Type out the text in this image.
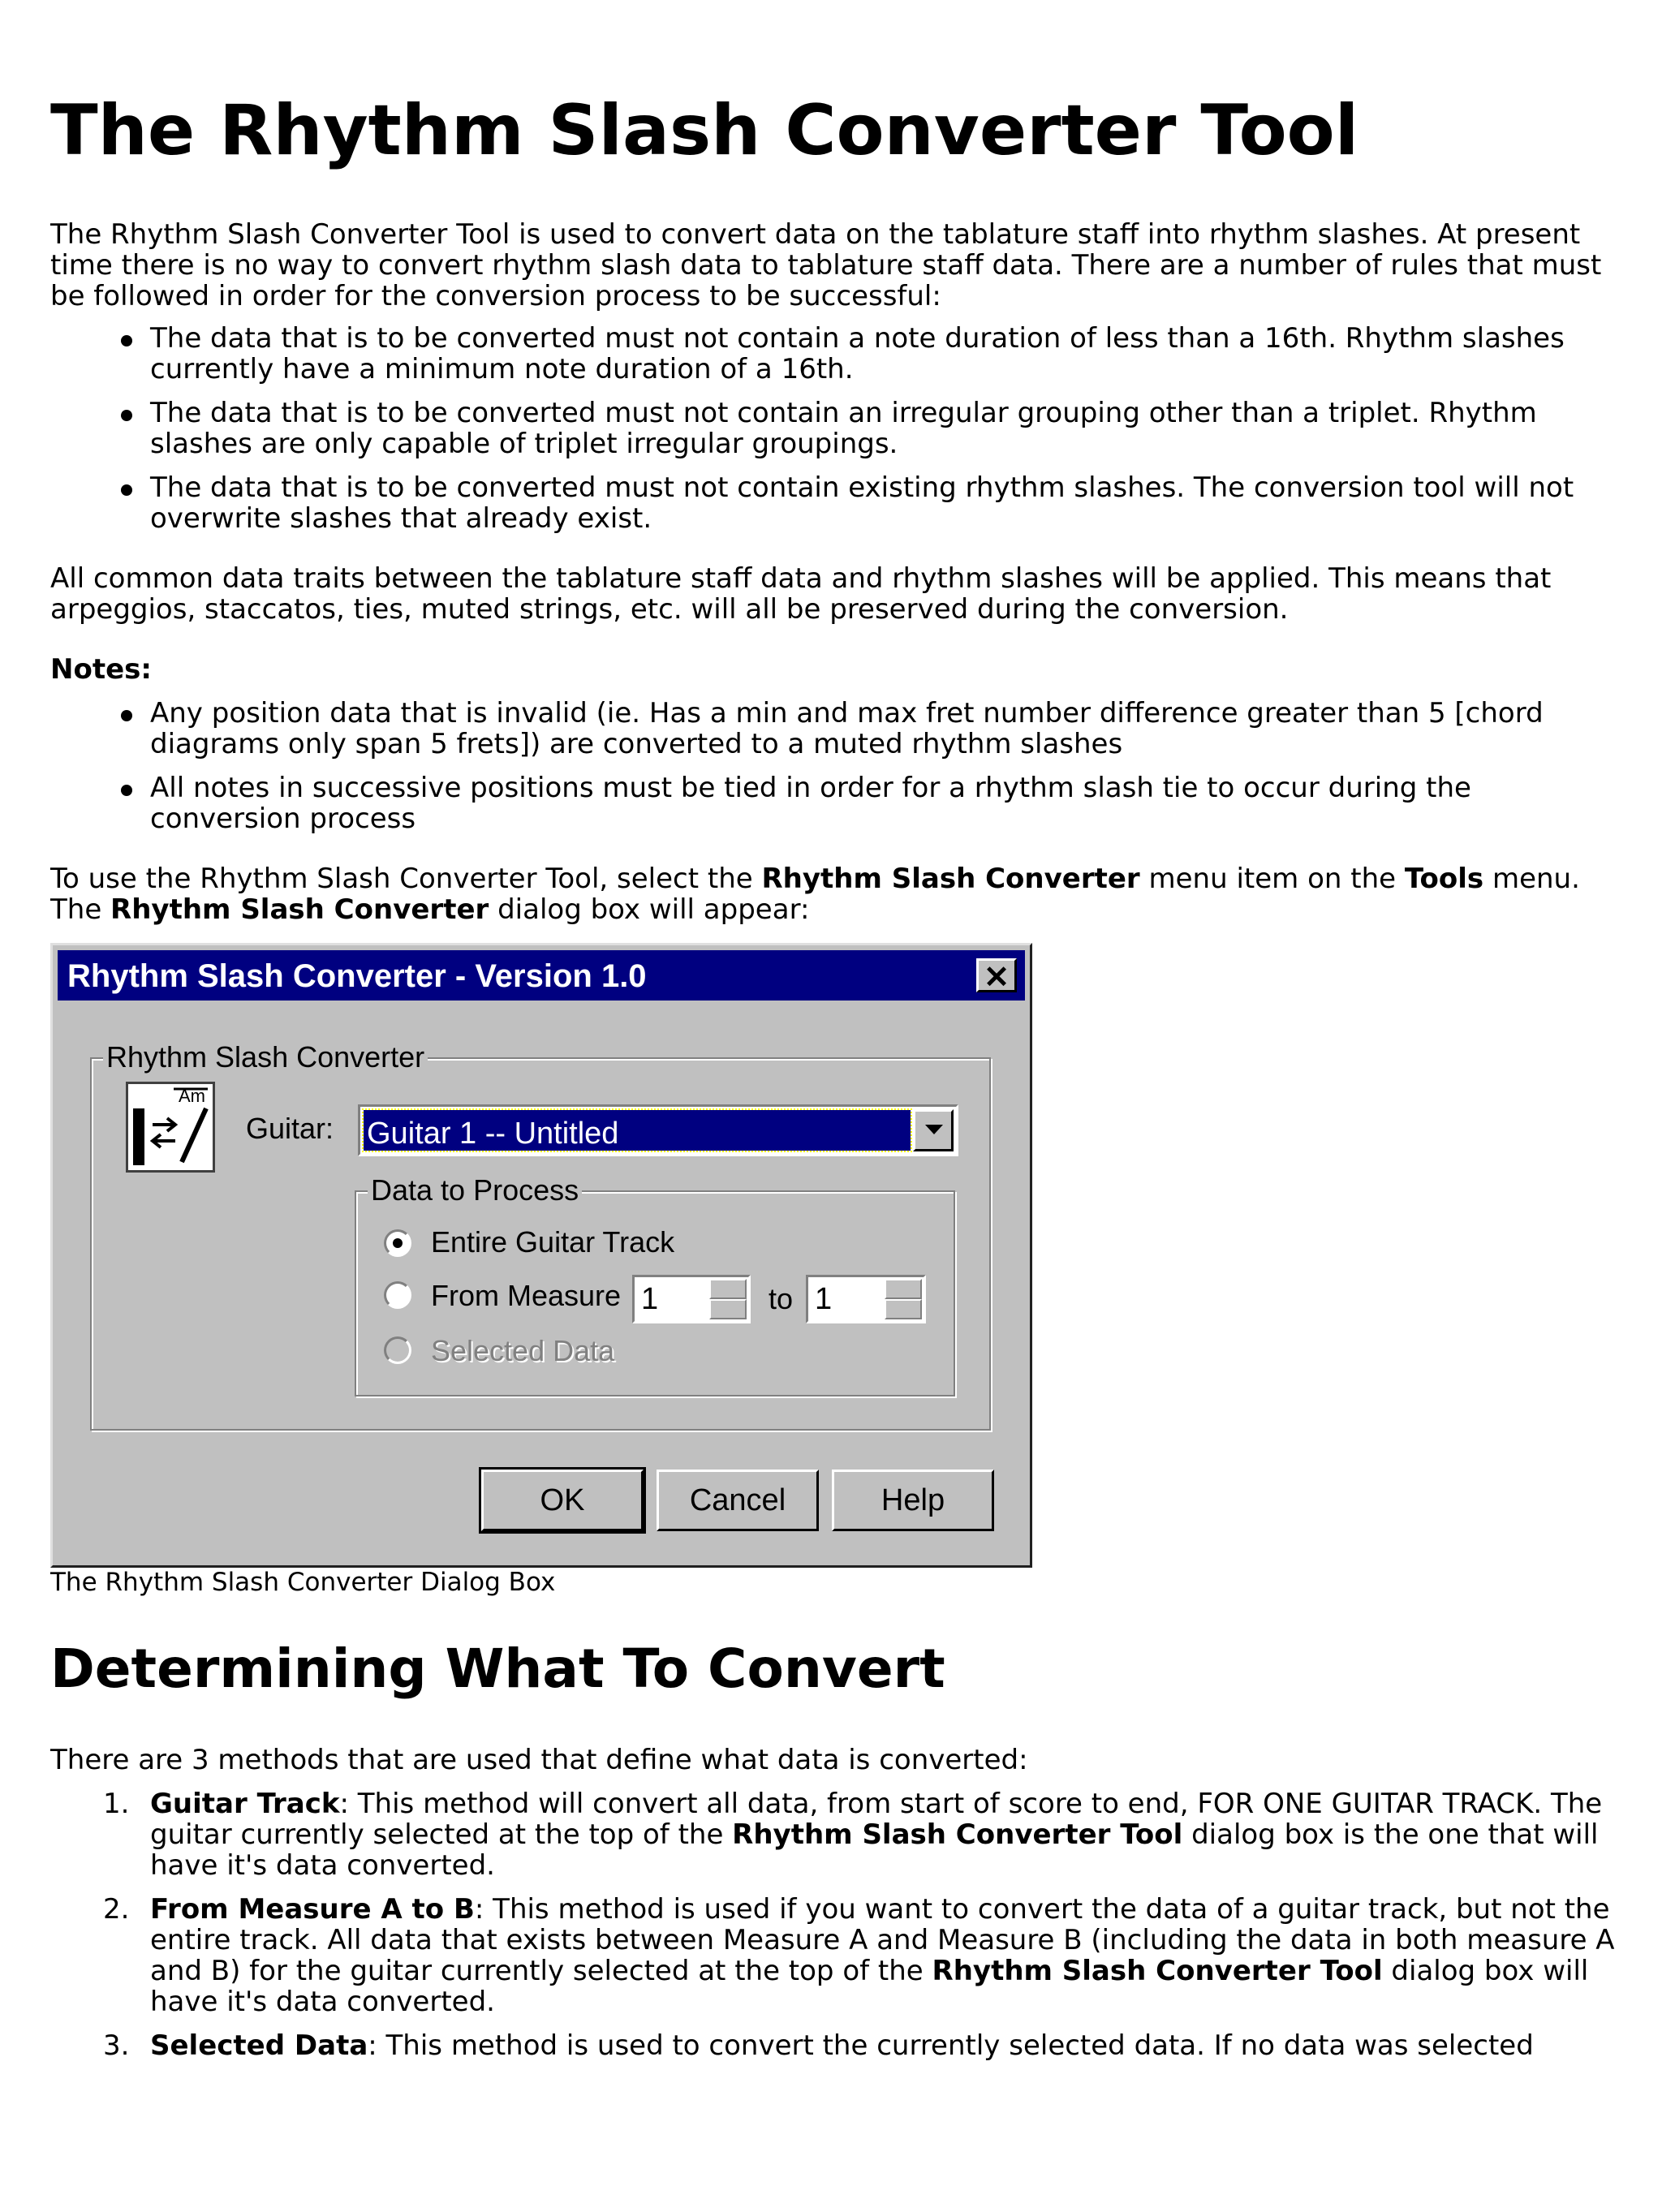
The Rhythm Slash Converter Tool
The Rhythm Slash Converter Tool is used to convert data on the tablature staff into rhythm slashes. At present time there is no way to convert rhythm slash data to tablature staff data. There are a number of rules that must be followed in order for the conversion process to be successful:
The data that is to be converted must not contain a note duration of less than a 16th. Rhythm slashes currently have a minimum note duration of a 16th.
The data that is to be converted must not contain an irregular grouping other than a triplet. Rhythm slashes are only capable of triplet irregular groupings.
The data that is to be converted must not contain existing rhythm slashes. The conversion tool will not overwrite slashes that already exist.
All common data traits between the tablature staff data and rhythm slashes will be applied. This means that arpeggios, staccatos, ties, muted strings, etc. will all be preserved during the conversion.
Notes:
Any position data that is invalid (ie. Has a min and max fret number difference greater than 5 [chord diagrams only span 5 frets]) are converted to a muted rhythm slashes
All notes in successive positions must be tied in order for a rhythm slash tie to occur during the conversion process
To use the Rhythm Slash Converter Tool, select the Rhythm Slash Converter menu item on the Tools menu. The Rhythm Slash Converter dialog box will appear:
The Rhythm Slash Converter Dialog Box
Determining What To Convert
There are 3 methods that are used that define what data is converted:
1. Guitar Track: This method will convert all data, from start of score to end, FOR ONE GUITAR TRACK. The guitar currently selected at the top of the Rhythm Slash Converter Tool dialog box is the one that will have it's data converted.
2. From Measure A to B: This method is used if you want to convert the data of a guitar track, but not the entire track. All data that exists between Measure A and Measure B (including the data in both measure A and B) for the guitar currently selected at the top of the Rhythm Slash Converter Tool dialog box will have it's data converted.
3. Selected Data: This method is used to convert the currently selected data. If no data was selected
Rhythm Slash Converter - Version 1.0	✕
Rhythm Slash Converter
Am
Guitar: Guitar 1 -- Untitled
Data to Process
Entire Guitar Track
From Measure 1	to 1
Selected Data
OK	Cancel	Help
